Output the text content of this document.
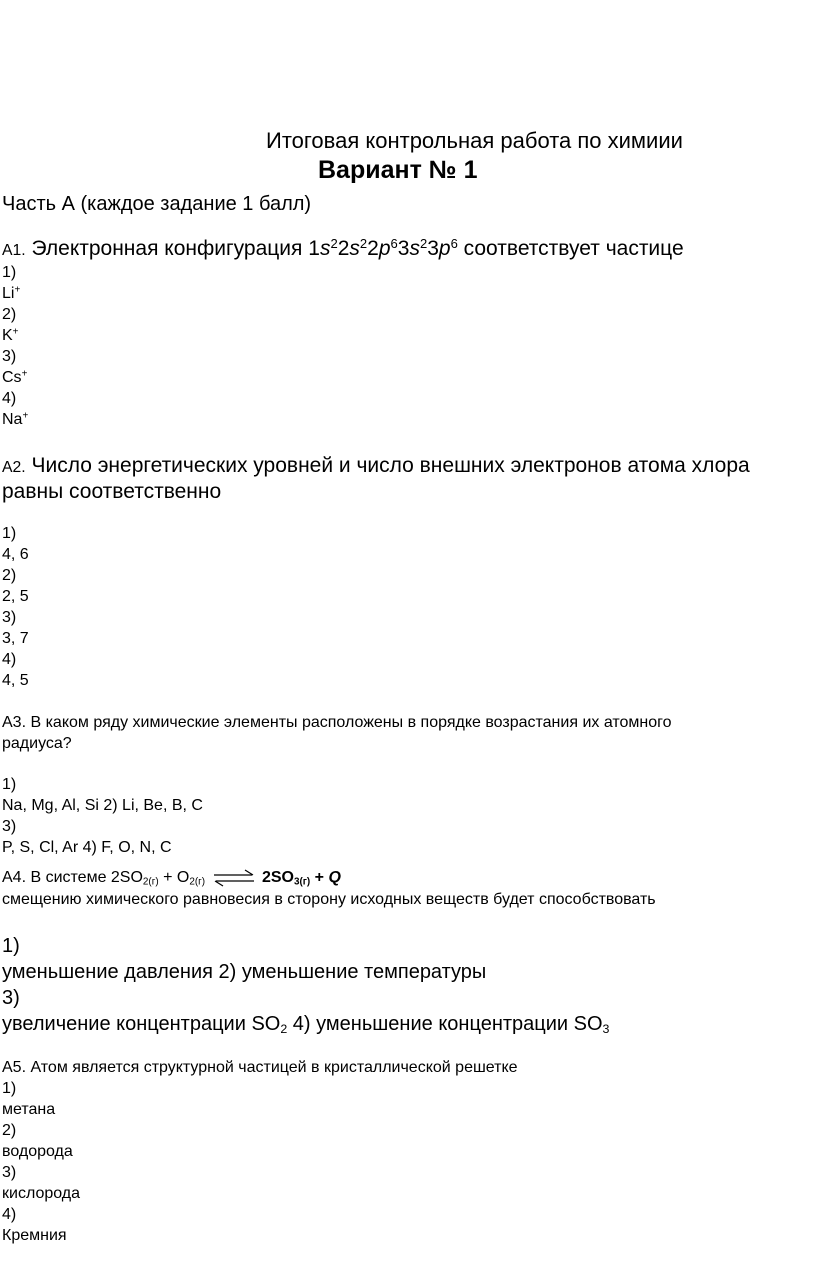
Итоговая контрольная работа по химиии
Вариант № 1
Часть А (каждое задание 1 балл)
А1. Электронная конфигурация $1s^22s^22p^63s^23p^6$ соответствует частице
1)
Li+
2)
K+
3)
Cs+
4)
Na+
А2. Число энергетических уровней и число внешних электронов атома хлора
равны соответственно
1)
4, 6
2)
2, 5
3)
3, 7
4)
4, 5
А3. В каком ряду химические элементы расположены в порядке возрастания их атомного
радиуса?
1)
Na, Mg, Al, Si 2) Li, Be, B, C
3)
P, S, Cl, Ar 4) F, O, N, C
А4. В системе $2SO_{2(г)} + O_{2(г)}$ ⇌ $2SO_{3(г)} + Q$
смещению химического равновесия в сторону исходных веществ будет способствовать
1)
уменьшение давления 2) уменьшение температуры
3)
увеличение концентрации $SO_2$ 4) уменьшение концентрации $SO_3$
А5. Атом является структурной частицей в кристаллической решетке
1)
метана
2)
водорода
3)
кислорода
4)
Кремния
